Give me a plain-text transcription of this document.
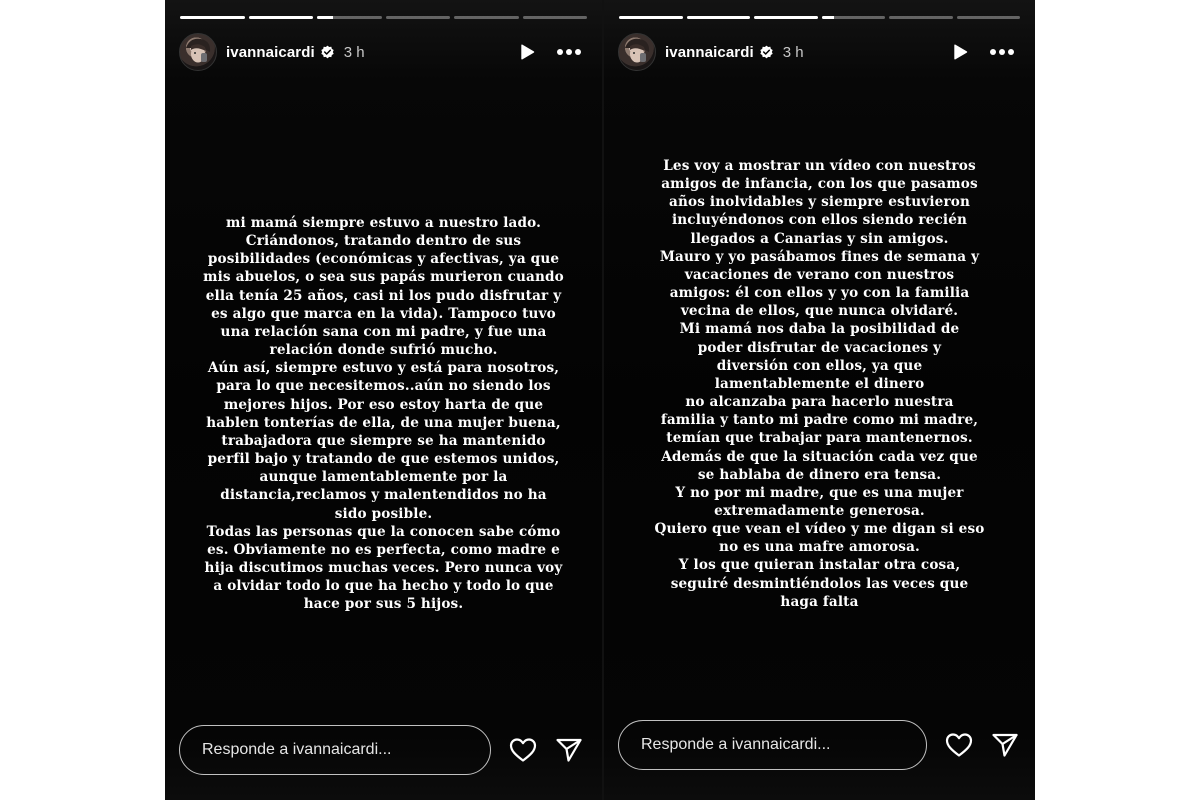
ivannaicardi 3 h

mi mamá siempre estuvo a nuestro lado.
Criándonos, tratando dentro de sus
posibilidades (económicas y afectivas, ya que
mis abuelos, o sea sus papás murieron cuando
ella tenía 25 años, casi ni los pudo disfrutar y
es algo que marca en la vida). Tampoco tuvo
una relación sana con mi padre, y fue una
relación donde sufrió mucho.
Aún así, siempre estuvo y está para nosotros,
para lo que necesitemos..aún no siendo los
mejores hijos. Por eso estoy harta de que
hablen tonterías de ella, de una mujer buena,
trabajadora que siempre se ha mantenido
perfil bajo y tratando de que estemos unidos,
aunque lamentablemente por la
distancia,reclamos y malentendidos no ha
sido posible.
Todas las personas que la conocen sabe cómo
es. Obviamente no es perfecta, como madre e
hija discutimos muchas veces. Pero nunca voy
a olvidar todo lo que ha hecho y todo lo que
hace por sus 5 hijos.

Responde a ivannaicardi...
ivannaicardi 3 h

Les voy a mostrar un vídeo con nuestros
amigos de infancia, con los que pasamos
años inolvidables y siempre estuvieron
incluyéndonos con ellos siendo recién
llegados a Canarias y sin amigos.
Mauro y yo pasábamos fines de semana y
vacaciones de verano con nuestros
amigos: él con ellos y yo con la familia
vecina de ellos, que nunca olvidaré.
Mi mamá nos daba la posibilidad de
poder disfrutar de vacaciones y
diversión con ellos, ya que
lamentablemente el dinero
no alcanzaba para hacerlo nuestra
familia y tanto mi padre como mi madre,
temían que trabajar para mantenernos.
Además de que la situación cada vez que
se hablaba de dinero era tensa.
Y no por mi madre, que es una mujer
extremadamente generosa.
Quiero que vean el vídeo y me digan si eso
no es una mafre amorosa.
Y los que quieran instalar otra cosa,
seguiré desmintiéndolos las veces que
haga falta

Responde a ivannaicardi...
